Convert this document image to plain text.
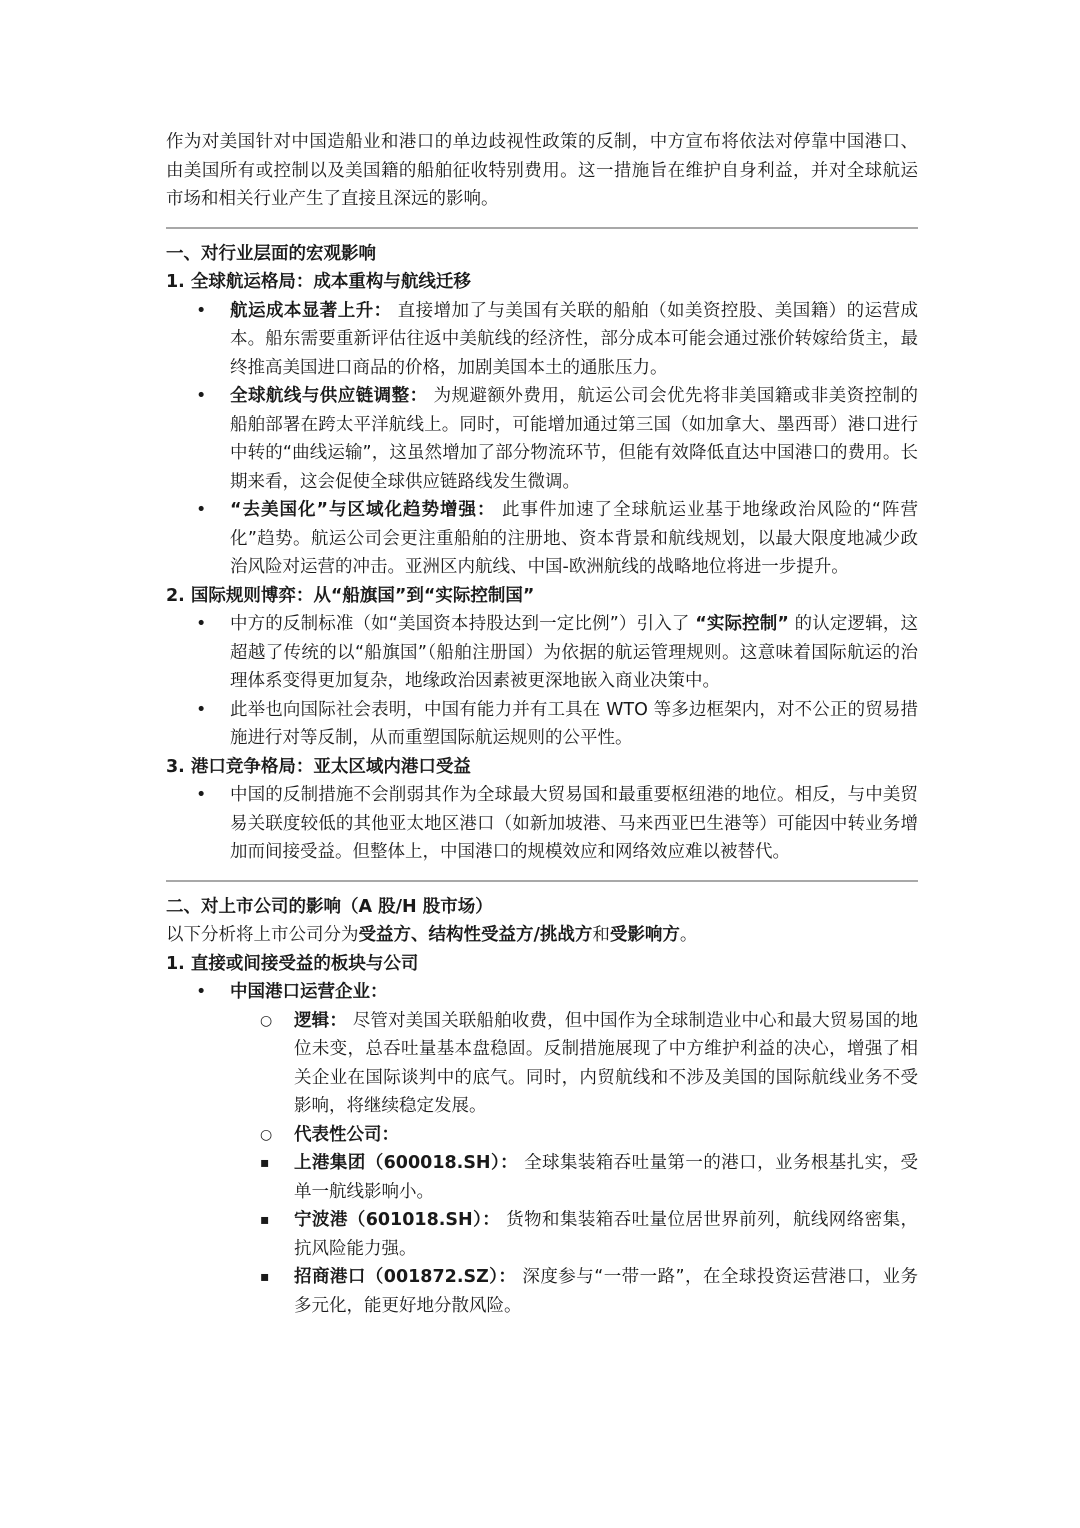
作为对美国针对中国造船业和港口的单边歧视性政策的反制，中方宣布将依法对停靠中国港口、由美国所有或控制以及美国籍的船舶征收特别费用。这一措施旨在维护自身利益，并对全球航运市场和相关行业产生了直接且深远的影响。

一、对行业层面的宏观影响

1. 全球航运格局：成本重构与航线迁移

• 航运成本显著上升： 直接增加了与美国有关联的船舶（如美资控股、美国籍）的运营成本。船东需要重新评估往返中美航线的经济性，部分成本可能会通过涨价转嫁给货主，最终推高美国进口商品的价格，加剧美国本土的通胀压力。
• 全球航线与供应链调整： 为规避额外费用，航运公司会优先将非美国籍或非美资控制的船舶部署在跨太平洋航线上。同时，可能增加通过第三国（如加拿大、墨西哥）港口进行中转的“曲线运输”，这虽然增加了部分物流环节，但能有效降低直达中国港口的费用。长期来看，这会促使全球供应链路线发生微调。
• “去美国化”与区域化趋势增强： 此事件加速了全球航运业基于地缘政治风险的“阵营化”趋势。航运公司会更注重船舶的注册地、资本背景和航线规划，以最大限度地减少政治风险对运营的冲击。亚洲区内航线、中国-欧洲航线的战略地位将进一步提升。

2. 国际规则博弈：从“船旗国”到“实际控制国”

• 中方的反制标准（如“美国资本持股达到一定比例”）引入了 “实际控制” 的认定逻辑，这超越了传统的以“船旗国”（船舶注册国）为依据的航运管理规则。这意味着国际航运的治理体系变得更加复杂，地缘政治因素被更深地嵌入商业决策中。
• 此举也向国际社会表明，中国有能力并有工具在 WTO 等多边框架内，对不公正的贸易措施进行对等反制，从而重塑国际航运规则的公平性。

3. 港口竞争格局：亚太区域内港口受益

• 中国的反制措施不会削弱其作为全球最大贸易国和最重要枢纽港的地位。相反，与中美贸易关联度较低的其他亚太地区港口（如新加坡港、马来西亚巴生港等）可能因中转业务增加而间接受益。但整体上，中国港口的规模效应和网络效应难以被替代。

二、对上市公司的影响（A 股/H 股市场）

以下分析将上市公司分为受益方、结构性受益方/挑战方和受影响方。

1. 直接或间接受益的板块与公司

• 中国港口运营企业：
○ 逻辑： 尽管对美国关联船舶收费，但中国作为全球制造业中心和最大贸易国的地位未变，总吞吐量基本盘稳固。反制措施展现了中方维护利益的决心，增强了相关企业在国际谈判中的底气。同时，内贸航线和不涉及美国的国际航线业务不受影响，将继续稳定发展。
○ 代表性公司：
▪ 上港集团（600018.SH）： 全球集装箱吞吐量第一的港口，业务根基扎实，受单一航线影响小。
▪ 宁波港（601018.SH）： 货物和集装箱吞吐量位居世界前列，航线网络密集，抗风险能力强。
▪ 招商港口（001872.SZ）： 深度参与“一带一路”，在全球投资运营港口，业务多元化，能更好地分散风险。
